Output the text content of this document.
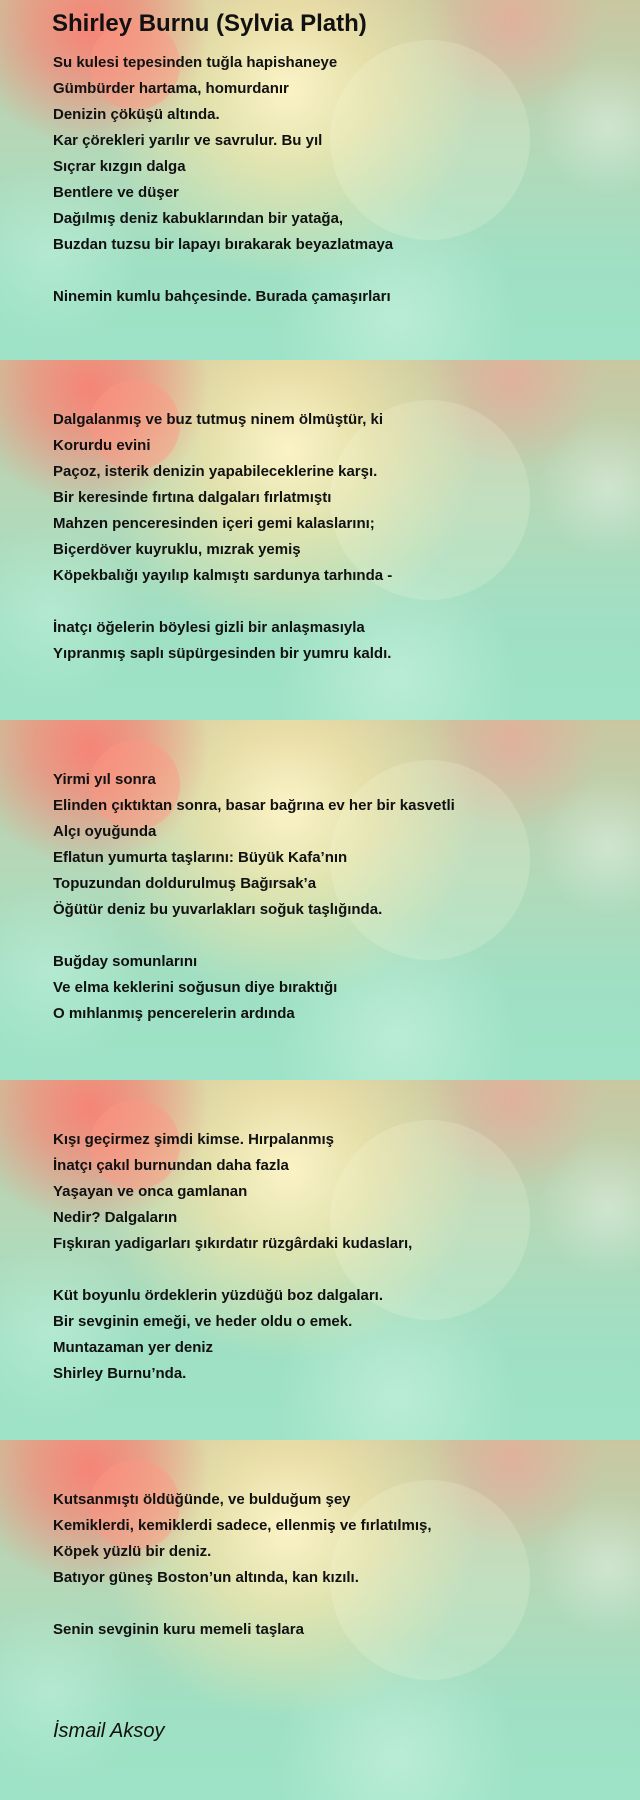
Shirley Burnu (Sylvia Plath)
Su kulesi tepesinden tuğla hapishaneye
Gümbürder hartama, homurdanır
Denizin çöküşü altında.
Kar çörekleri yarılır ve savrulur. Bu yıl
Sıçrar kızgın dalga
Bentlere ve düşer
Dağılmış deniz kabuklarından bir yatağa,
Buzdan tuzsu bir lapayı bırakarak beyazlatmaya
Ninemin kumlu bahçesinde. Burada çamaşırları
Dalgalanmış ve buz tutmuş ninem ölmüştür, ki
Korurdu evini
Paçoz, isterik denizin yapabileceklerine karşı.
Bir keresinde fırtına dalgaları fırlatmıştı
Mahzen penceresinden içeri gemi kalaslarını;
Biçerdöver kuyruklu, mızrak yemiş
Köpekbalığı yayılıp kalmıştı sardunya tarhında -
İnatçı öğelerin böylesi gizli bir anlaşmasıyla
Yıpranmış saplı süpürgesinden bir yumru kaldı.
Yirmi yıl sonra
Elinden çıktıktan sonra, basar bağrına ev her bir kasvetli
Alçı oyuğunda
Eflatun yumurta taşlarını: Büyük Kafa’nın
Topuzundan doldurulmuş Bağırsak’a
Öğütür deniz bu yuvarlakları soğuk taşlığında.
Buğday somunlarını
Ve elma keklerini soğusun diye bıraktığı
O mıhlanmış pencerelerin ardında
Kışı geçirmez şimdi kimse. Hırpalanmış
İnatçı çakıl burnundan daha fazla
Yaşayan ve onca gamlanan
Nedir? Dalgaların
Fışkıran yadigarları şıkırdatır rüzgârdaki kudasları,
Küt boyunlu ördeklerin yüzdüğü boz dalgaları.
Bir sevginin emeği, ve heder oldu o emek.
Muntazaman yer deniz
Shirley Burnu’nda.
Kutsanmıştı öldüğünde, ve bulduğum şey
Kemiklerdi, kemiklerdi sadece, ellenmiş ve fırlatılmış,
Köpek yüzlü bir deniz.
Batıyor güneş Boston’un altında, kan kızılı.
Senin sevginin kuru memeli taşlara
İsmail Aksoy
